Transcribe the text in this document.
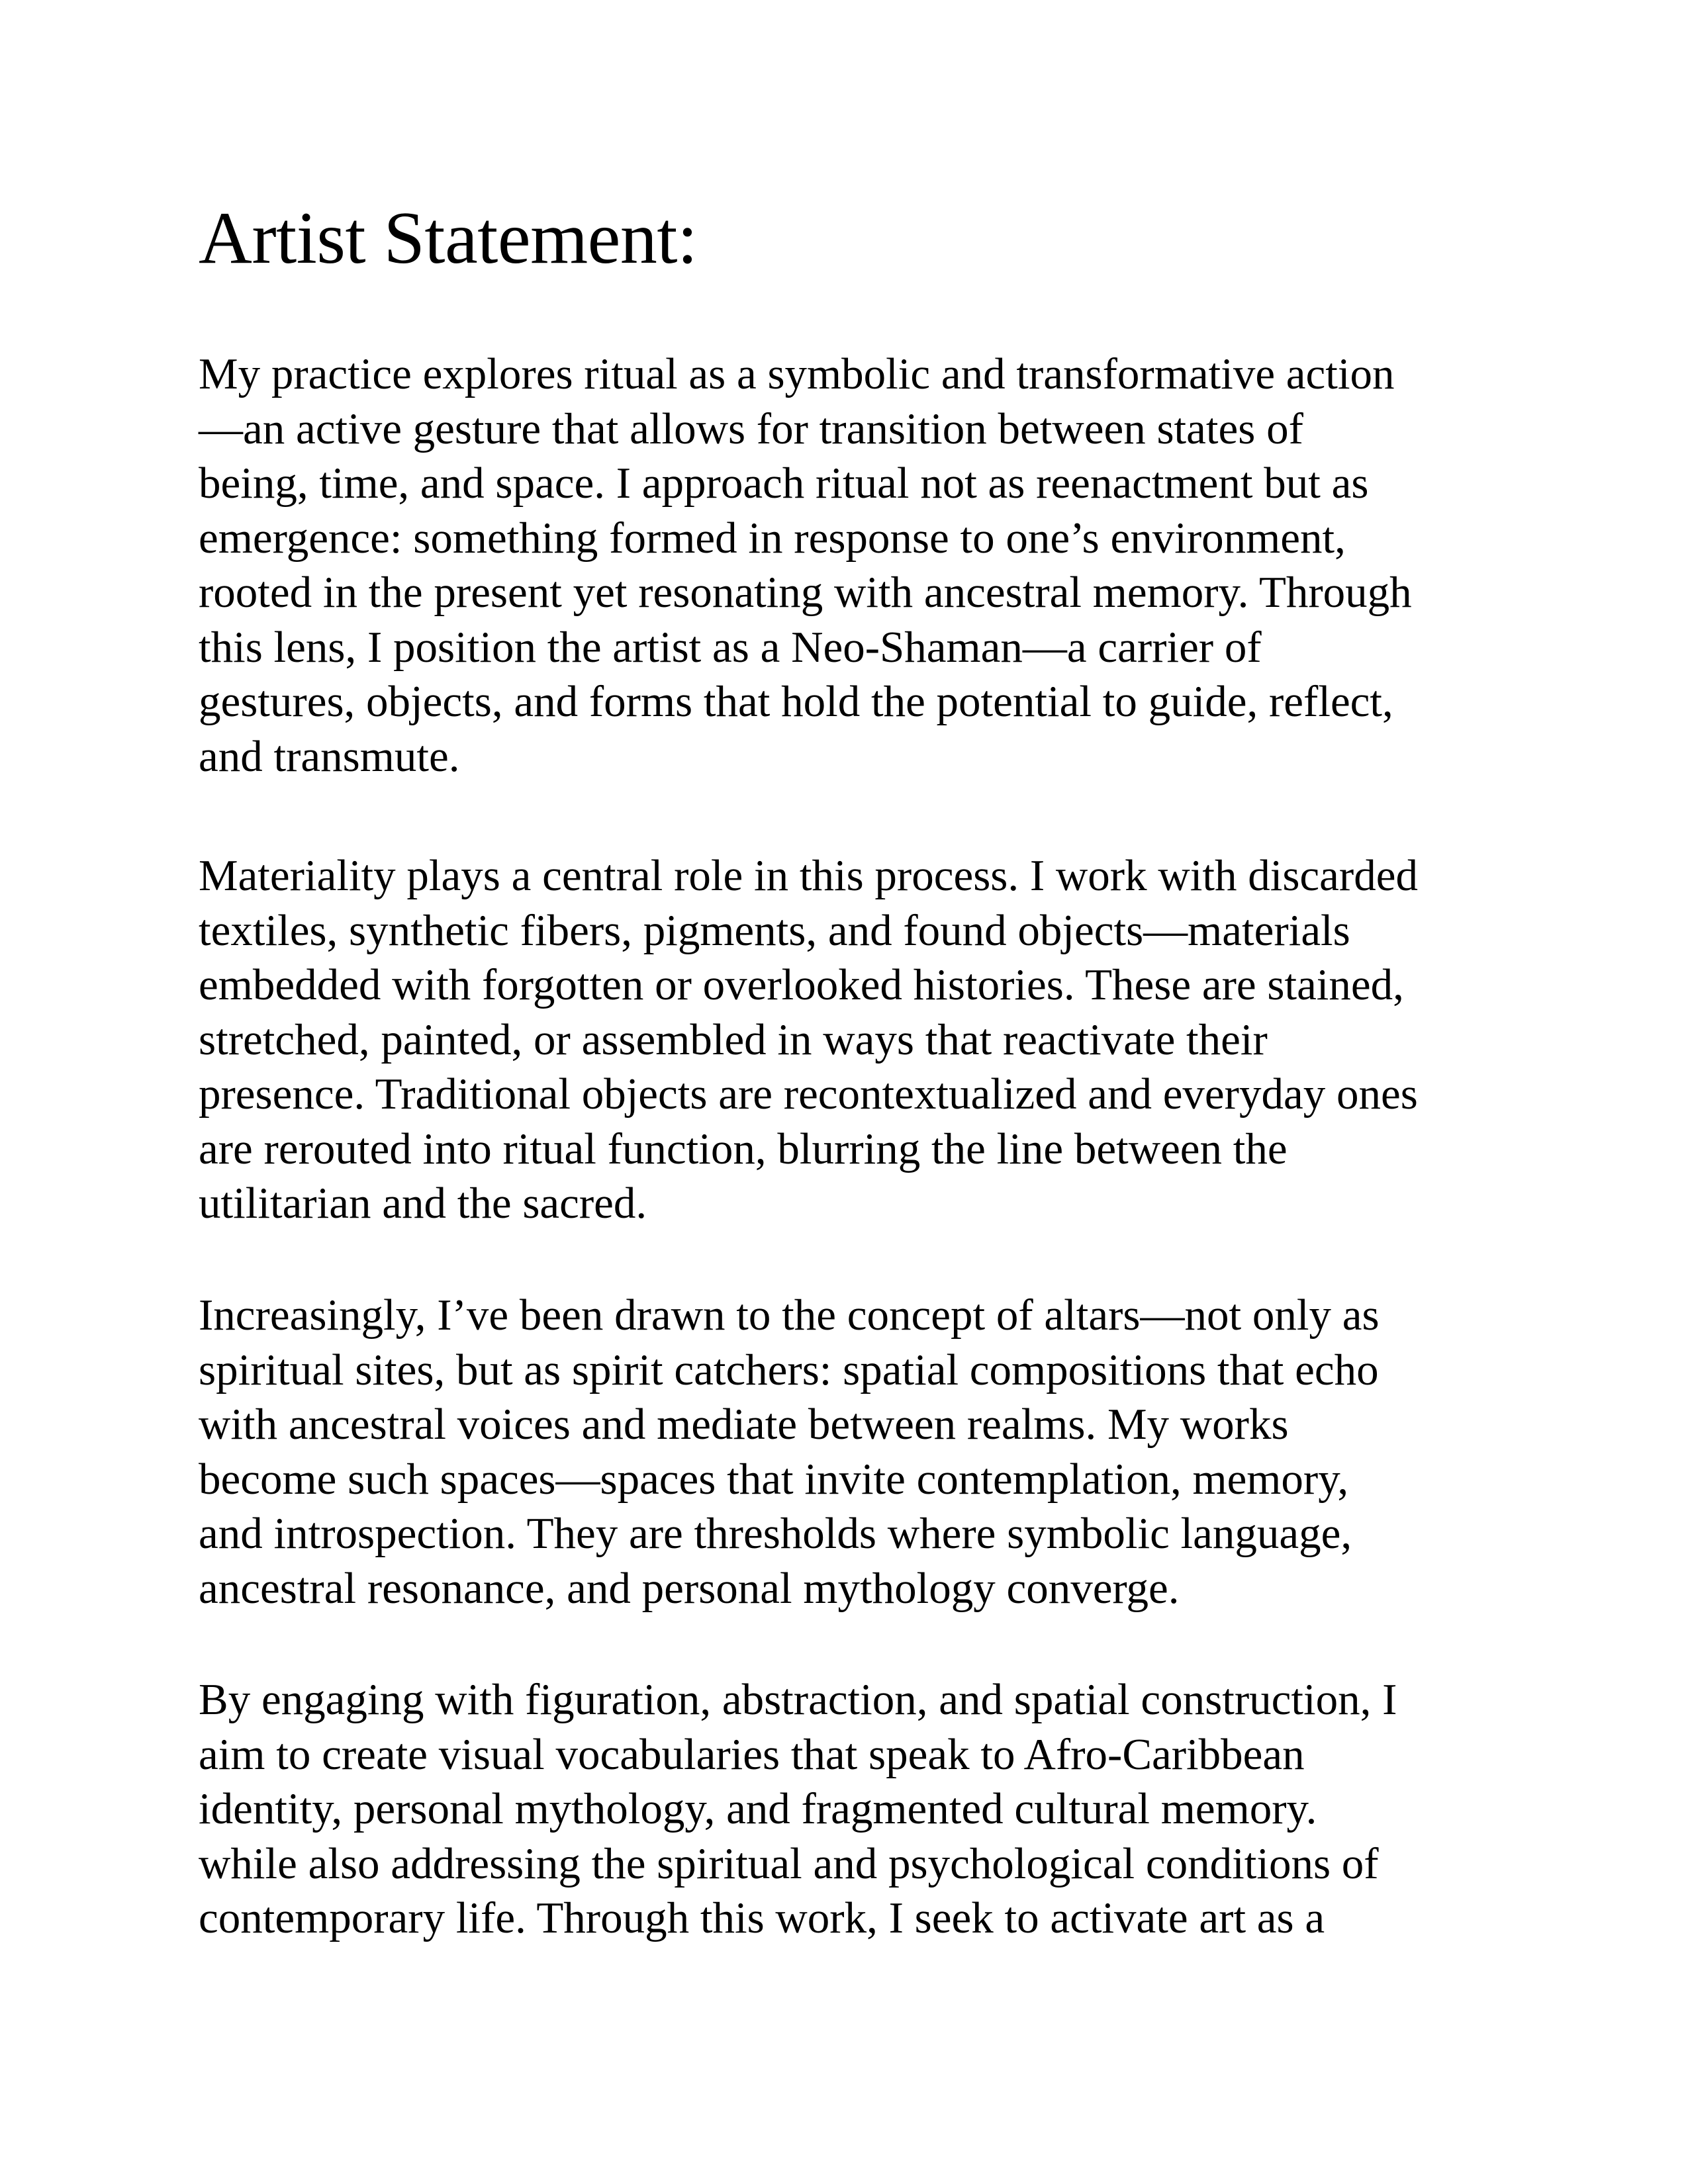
Artist Statement:

My practice explores ritual as a symbolic and transformative action
—an active gesture that allows for transition between states of
being, time, and space. I approach ritual not as reenactment but as
emergence: something formed in response to one’s environment,
rooted in the present yet resonating with ancestral memory. Through
this lens, I position the artist as a Neo-Shaman—a carrier of
gestures, objects, and forms that hold the potential to guide, reflect,
and transmute.

Materiality plays a central role in this process. I work with discarded
textiles, synthetic fibers, pigments, and found objects—materials
embedded with forgotten or overlooked histories. These are stained,
stretched, painted, or assembled in ways that reactivate their
presence. Traditional objects are recontextualized and everyday ones
are rerouted into ritual function, blurring the line between the
utilitarian and the sacred.

Increasingly, I’ve been drawn to the concept of altars—not only as
spiritual sites, but as spirit catchers: spatial compositions that echo
with ancestral voices and mediate between realms. My works
become such spaces—spaces that invite contemplation, memory,
and introspection. They are thresholds where symbolic language,
ancestral resonance, and personal mythology converge.

By engaging with figuration, abstraction, and spatial construction, I
aim to create visual vocabularies that speak to Afro-Caribbean
identity, personal mythology, and fragmented cultural memory.
while also addressing the spiritual and psychological conditions of
contemporary life. Through this work, I seek to activate art as a
